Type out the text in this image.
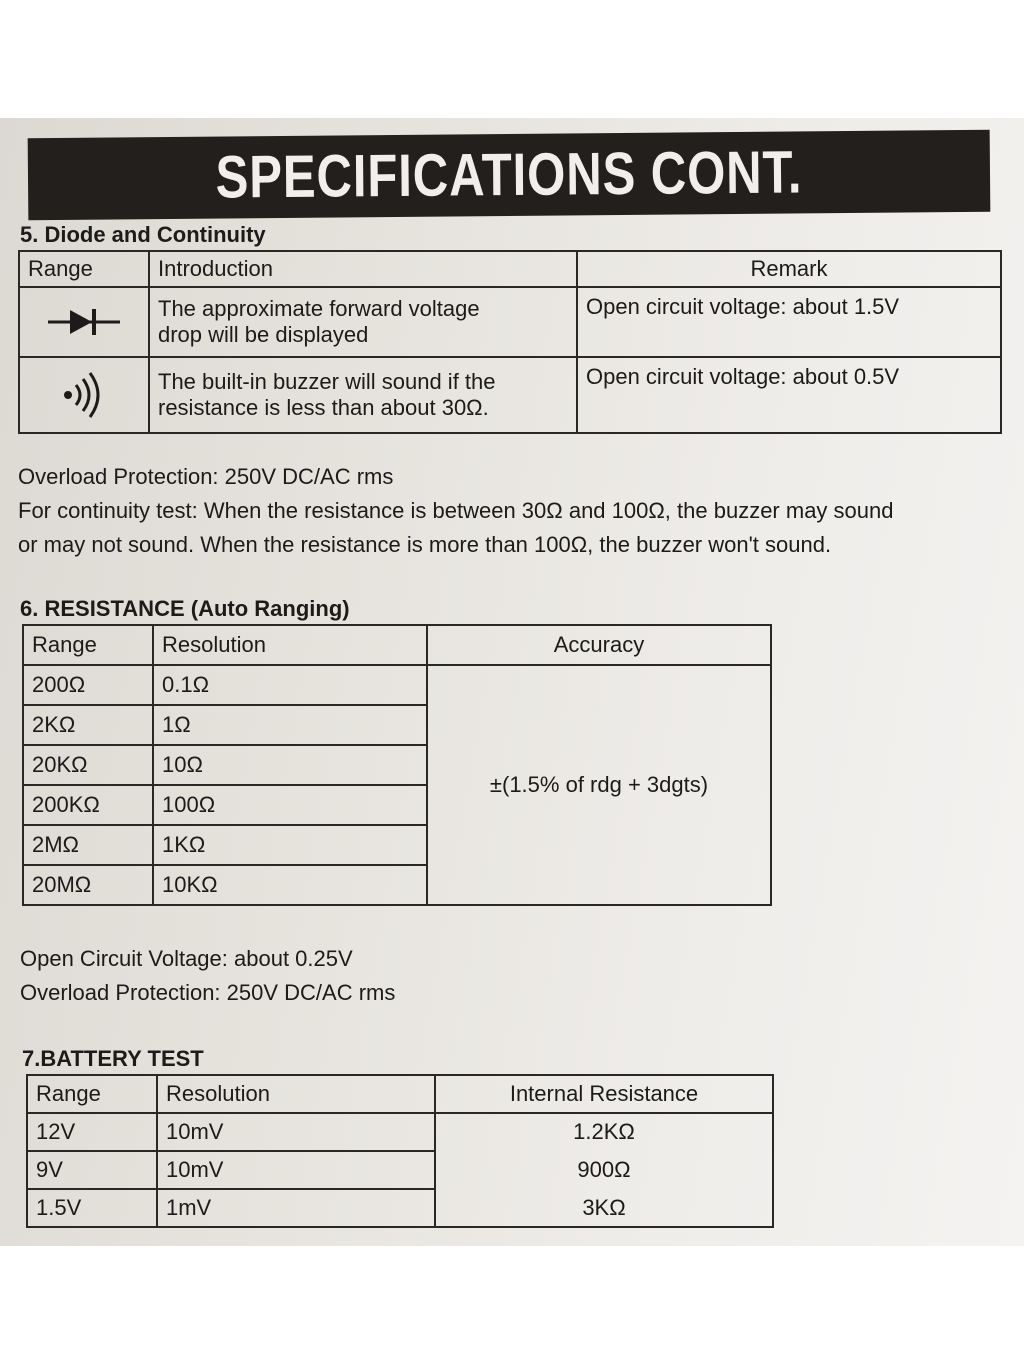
SPECIFICATIONS CONT.
5. Diode and Continuity
Range	Introduction	Remark

The approximate forward voltage
drop will be displayed	Open circuit voltage: about 1.5V

The built-in buzzer will sound if the
resistance is less than about 30Ω.	Open circuit voltage: about 0.5V
Overload Protection: 250V DC/AC rms
For continuity test: When the resistance is between 30Ω and 100Ω, the buzzer may sound
or may not sound. When the resistance is more than 100Ω, the buzzer won't sound.
6. RESISTANCE (Auto Ranging)
Range	Resolution	Accuracy
200Ω	0.1Ω	±(1.5% of rdg + 3dgts)
2KΩ	1Ω	
20KΩ	10Ω	
200KΩ	100Ω	
2MΩ	1KΩ	
20MΩ	10KΩ	
Open Circuit Voltage: about 0.25V
Overload Protection: 250V DC/AC rms
7.BATTERY TEST
Range	Resolution	Internal Resistance
12V	10mV	1.2KΩ
9V	10mV	900Ω
1.5V	1mV	3KΩ
